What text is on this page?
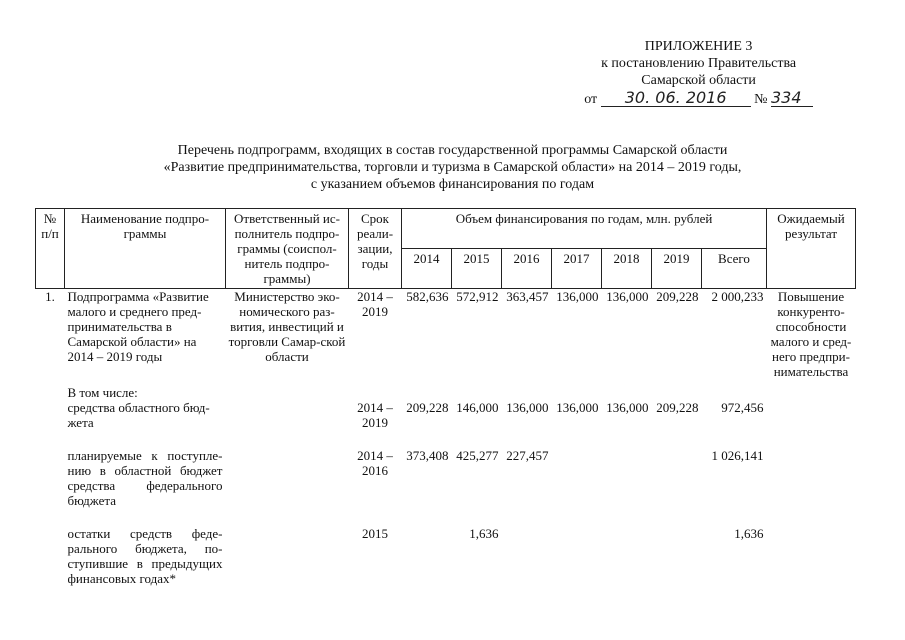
ПРИЛОЖЕНИЕ 3
к постановлению Правительства
Самарской области
от 30. 06. 2016 № 334
Перечень подпрограмм, входящих в состав государственной программы Самарской области
«Развитие предпринимательства, торговли и туризма в Самарской области» на 2014 – 2019 годы,
с указанием объемов финансирования по годам
№ п/п	Наименование подпро-граммы	Ответственный ис-полнитель подпро-граммы (соиспол-нитель подпро-граммы)	Срок реали-зации, годы	Объем финансирования по годам, млн. рублей							Ожидаемый результат
				2014	2015	2016	2017	2018	2019	Всего	
1.	Подпрограмма «Развитие малого и среднего пред-принимательства в Самарской области» на 2014 – 2019 годы	Министерство эко-номического раз-вития, инвестиций и торговли Самар-ской области	2014 – 2019	582,636	572,912	363,457	136,000	136,000	209,228	2 000,233	Повышение конкуренто-способности малого и сред-него предпри-нимательства
	В том числе:										
	средства областного бюд-жета		2014 – 2019	209,228	146,000	136,000	136,000	136,000	209,228	972,456	

	планируемые к поступле-нию в областной бюджет средства федерального бюджета		2014 – 2016	373,408	425,277	227,457				1 026,141	

	остатки средств феде-рального бюджета, по-ступившие в предыдущих финансовых годах*		2015		1,636					1,636	
